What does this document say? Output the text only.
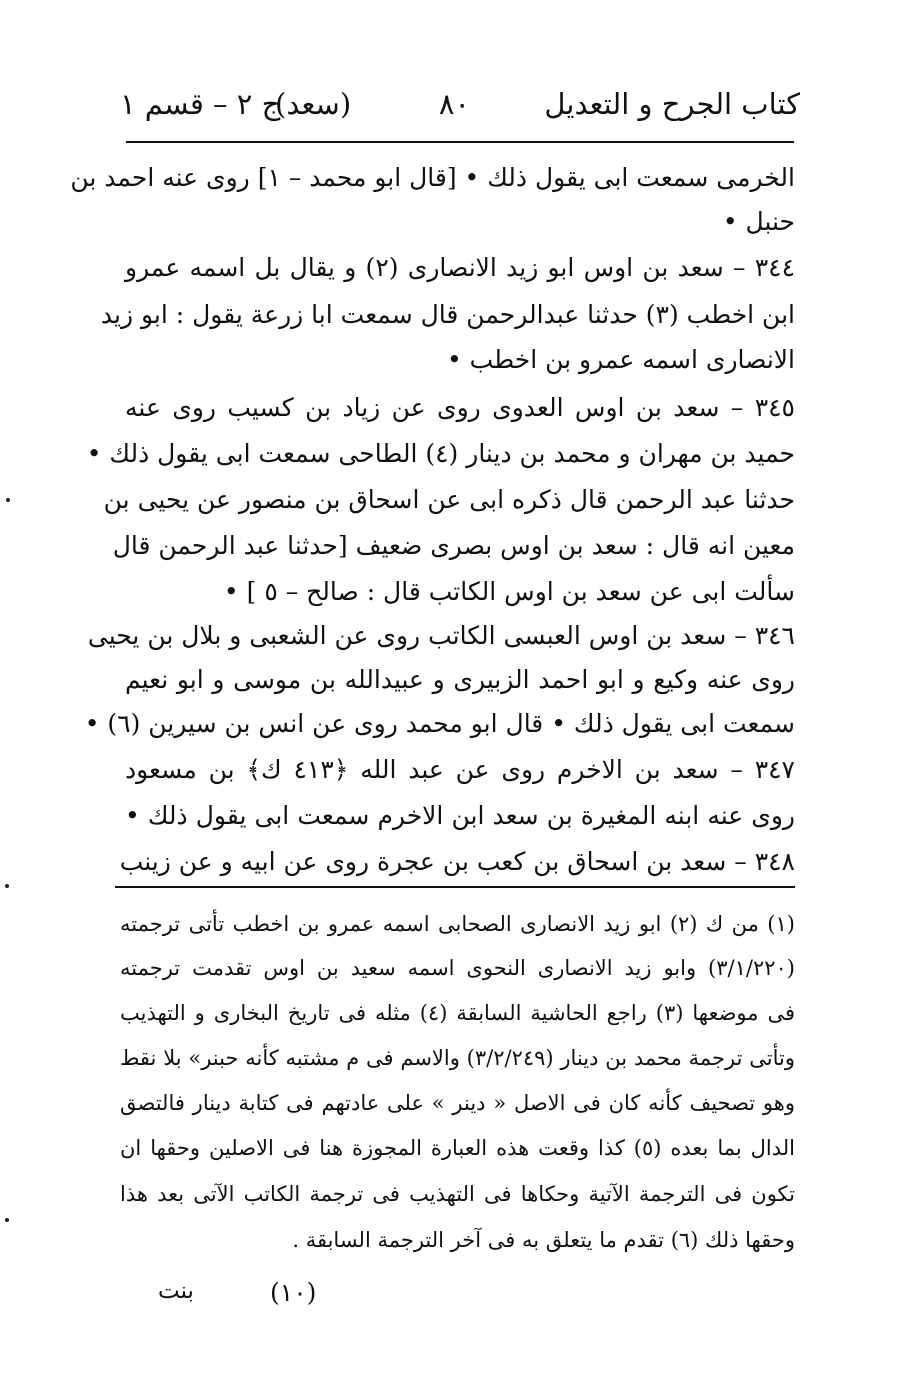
كتاب الجرح و التعديل
٨٠
(سعد)
ج ٢ – قسم ١
الخرمى سمعت ابى يقول ذلك • [قال ابو محمد – ١] روى عنه احمد بن
حنبل •
٣٤٤ – سعد بن اوس ابو زيد الانصارى (٢) و يقال بل اسمه عمرو
ابن اخطب (٣) حدثنا عبدالرحمن قال سمعت ابا زرعة يقول : ابو زيد
الانصارى اسمه عمرو بن اخطب •
٣٤٥ – سعد بن اوس العدوى روى عن زياد بن كسيب روى عنه
حميد بن مهران و محمد بن دينار (٤) الطاحى سمعت ابى يقول ذلك •
حدثنا عبد الرحمن قال ذكره ابى عن اسحاق بن منصور عن يحيى بن
معين انه قال : سعد بن اوس بصرى ضعيف [حدثنا عبد الرحمن قال
سألت ابى عن سعد بن اوس الكاتب قال : صالح – ٥ ] •
٣٤٦ – سعد بن اوس العبسى الكاتب روى عن الشعبى و بلال بن يحيى
روى عنه وكيع و ابو احمد الزبيرى و عبيدالله بن موسى و ابو نعيم
سمعت ابى يقول ذلك • قال ابو محمد روى عن انس بن سيرين (٦) •
٣٤٧ – سعد بن الاخرم روى عن عبد الله ﴿٤١٣ ك﴾ بن مسعود
روى عنه ابنه المغيرة بن سعد ابن الاخرم سمعت ابى يقول ذلك •
٣٤٨ – سعد بن اسحاق بن كعب بن عجرة روى عن ابيه و عن زينب
(١) من ك (٢) ابو زيد الانصارى الصحابى اسمه عمرو بن اخطب تأتى ترجمته
(٣/١/٢٢٠) وابو زيد الانصارى النحوى اسمه سعيد بن اوس تقدمت ترجمته
فى موضعها (٣) راجع الحاشية السابقة (٤) مثله فى تاريخ البخارى و التهذيب
وتأتى ترجمة محمد بن دينار (٣/٢/٢٤٩) والاسم فى م مشتبه كأنه حبنر» بلا نقط
وهو تصحيف كأنه كان فى الاصل « دينر » على عادتهم فى كتابة دينار فالتصق
الدال بما بعده (٥) كذا وقعت هذه العبارة المجوزة هنا فى الاصلين وحقها ان
تكون فى الترجمة الآتية وحكاها فى التهذيب فى ترجمة الكاتب الآتى بعد هذا
وحقها ذلك (٦) تقدم ما يتعلق به فى آخر الترجمة السابقة .
(١٠)
بنت
